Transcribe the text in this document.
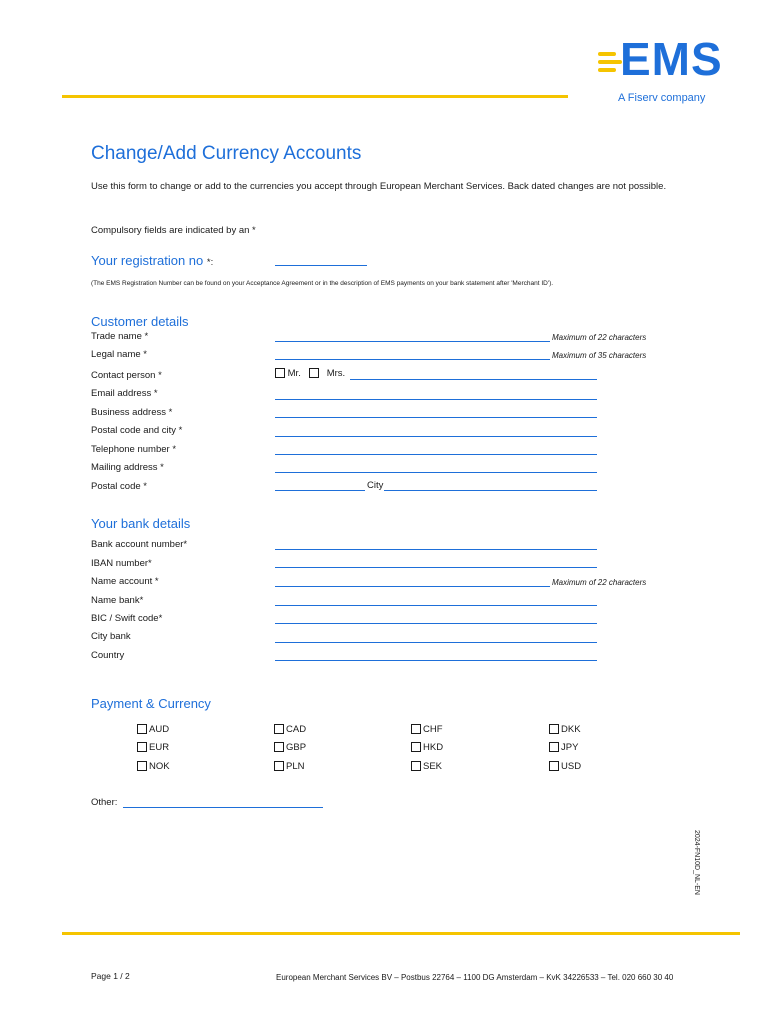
EMS
A Fiserv company
Change/Add Currency Accounts
Use this form to change or add to the currencies you accept through European Merchant Services. Back dated changes are not possible.
Compulsory fields are indicated by an *
Your registration no *:
(The EMS Registration Number can be found on your Acceptance Agreement or in the description of EMS payments on your bank statement after 'Merchant ID').
Customer details
Trade name *	Maximum of 22 characters
Legal name *	Maximum of 35 characters
Contact person *	Mr.	Mrs.
Email address *
Business address *
Postal code and city *
Telephone number *
Mailing address *
Postal code *	City
Your bank details
Bank account number*
IBAN number*
Name account *	Maximum of 22 characters
Name bank*
BIC / Swift code*
City bank
Country
Payment & Currency
AUD	CAD	CHF	DKK
EUR	GBP	HKD	JPY
NOK	PLN	SEK	USD
Other:
2024-FN10D_NL-EN
Page 1 / 2	European Merchant Services BV – Postbus 22764 – 1100 DG Amsterdam – KvK 34226533 – Tel. 020 660 30 40
